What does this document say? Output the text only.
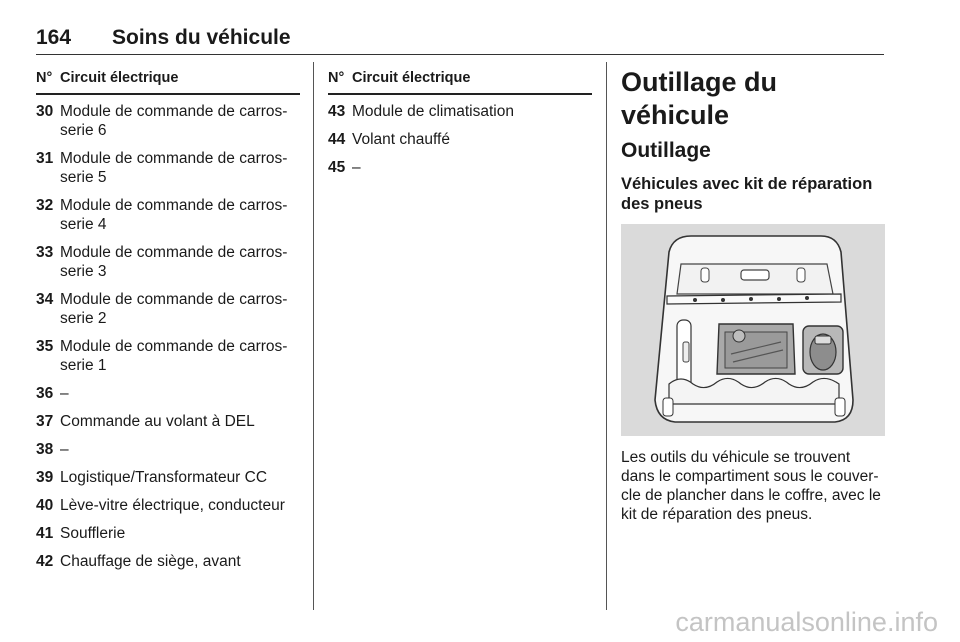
164 Soins du véhicule
N° Circuit électrique
30 Module de commande de carros-serie 6
31 Module de commande de carros-serie 5
32 Module de commande de carros-serie 4
33 Module de commande de carros-serie 3
34 Module de commande de carros-serie 2
35 Module de commande de carros-serie 1
36 –
37 Commande au volant à DEL
38 –
39 Logistique/Transformateur CC
40 Lève-vitre électrique, conducteur
41 Soufflerie
42 Chauffage de siège, avant
N° Circuit électrique
43 Module de climatisation
44 Volant chauffé
45 –
Outillage du véhicule
Outillage
Véhicules avec kit de réparation des pneus
Les outils du véhicule se trouvent dans le compartiment sous le couver-cle de plancher dans le coffre, avec le kit de réparation des pneus.
carmanualsonline.info
